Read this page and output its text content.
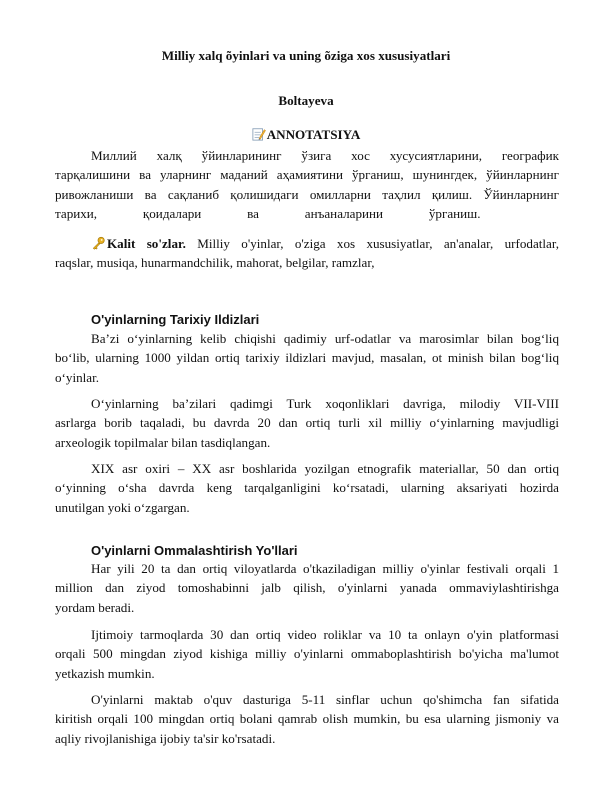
Milliy xalq õyinlari va uning õziga xos xususiyatlari
Boltayeva
ANNOTATSIYA
Миллий халқ ўйинларининг ўзига хос хусусиятларини, географик
тарқалишини ва уларнинг маданий аҳамиятини ўрганиш, шунингдек, ўйинларнинг
ривожланиши ва сақланиб қолишидаги омилларни таҳлил қилиш. Ўйинларнинг
тарихи,              қоидалари              ва              анъаналарини              ўрганиш.
Kalit so'zlar. Milliy o'yinlar, o'ziga xos xususiyatlar, an'analar, urfodatlar,
raqslar, musiqa, hunarmandchilik, mahorat, belgilar, ramzlar,
O'yinlarning Tarixiy Ildizlari
Ba’zi o‘yinlarning kelib chiqishi qadimiy urf-odatlar va marosimlar bilan bog‘liq
bo‘lib, ularning 1000 yildan ortiq tarixiy ildizlari mavjud, masalan, ot minish bilan bog‘liq
o‘yinlar.
O‘yinlarning ba’zilari qadimgi Turk xoqonliklari davriga, milodiy VII-VIII
asrlarga borib taqaladi, bu davrda 20 dan ortiq turli xil milliy o‘yinlarning mavjudligi
arxeologik topilmalar bilan tasdiqlangan.
XIX asr oxiri – XX asr boshlarida yozilgan etnografik materiallar, 50 dan ortiq
o‘yinning o‘sha davrda keng tarqalganligini ko‘rsatadi, ularning aksariyati hozirda
unutilgan yoki o‘zgargan.
O'yinlarni Ommalashtirish Yo'llari
Har yili 20 ta dan ortiq viloyatlarda o'tkaziladigan milliy o'yinlar festivali orqali 1
million dan ziyod tomoshabinni jalb qilish, o'yinlarni yanada ommaviylashtirishga
yordam beradi.
Ijtimoiy tarmoqlarda 30 dan ortiq video roliklar va 10 ta onlayn o'yin platformasi
orqali 500 mingdan ziyod kishiga milliy o'yinlarni ommaboplashtirish bo'yicha ma'lumot
yetkazish mumkin.
O'yinlarni maktab o'quv dasturiga 5-11 sinflar uchun qo'shimcha fan sifatida
kiritish orqali 100 mingdan ortiq bolani qamrab olish mumkin, bu esa ularning jismoniy va
aqliy rivojlanishiga ijobiy ta'sir ko'rsatadi.
